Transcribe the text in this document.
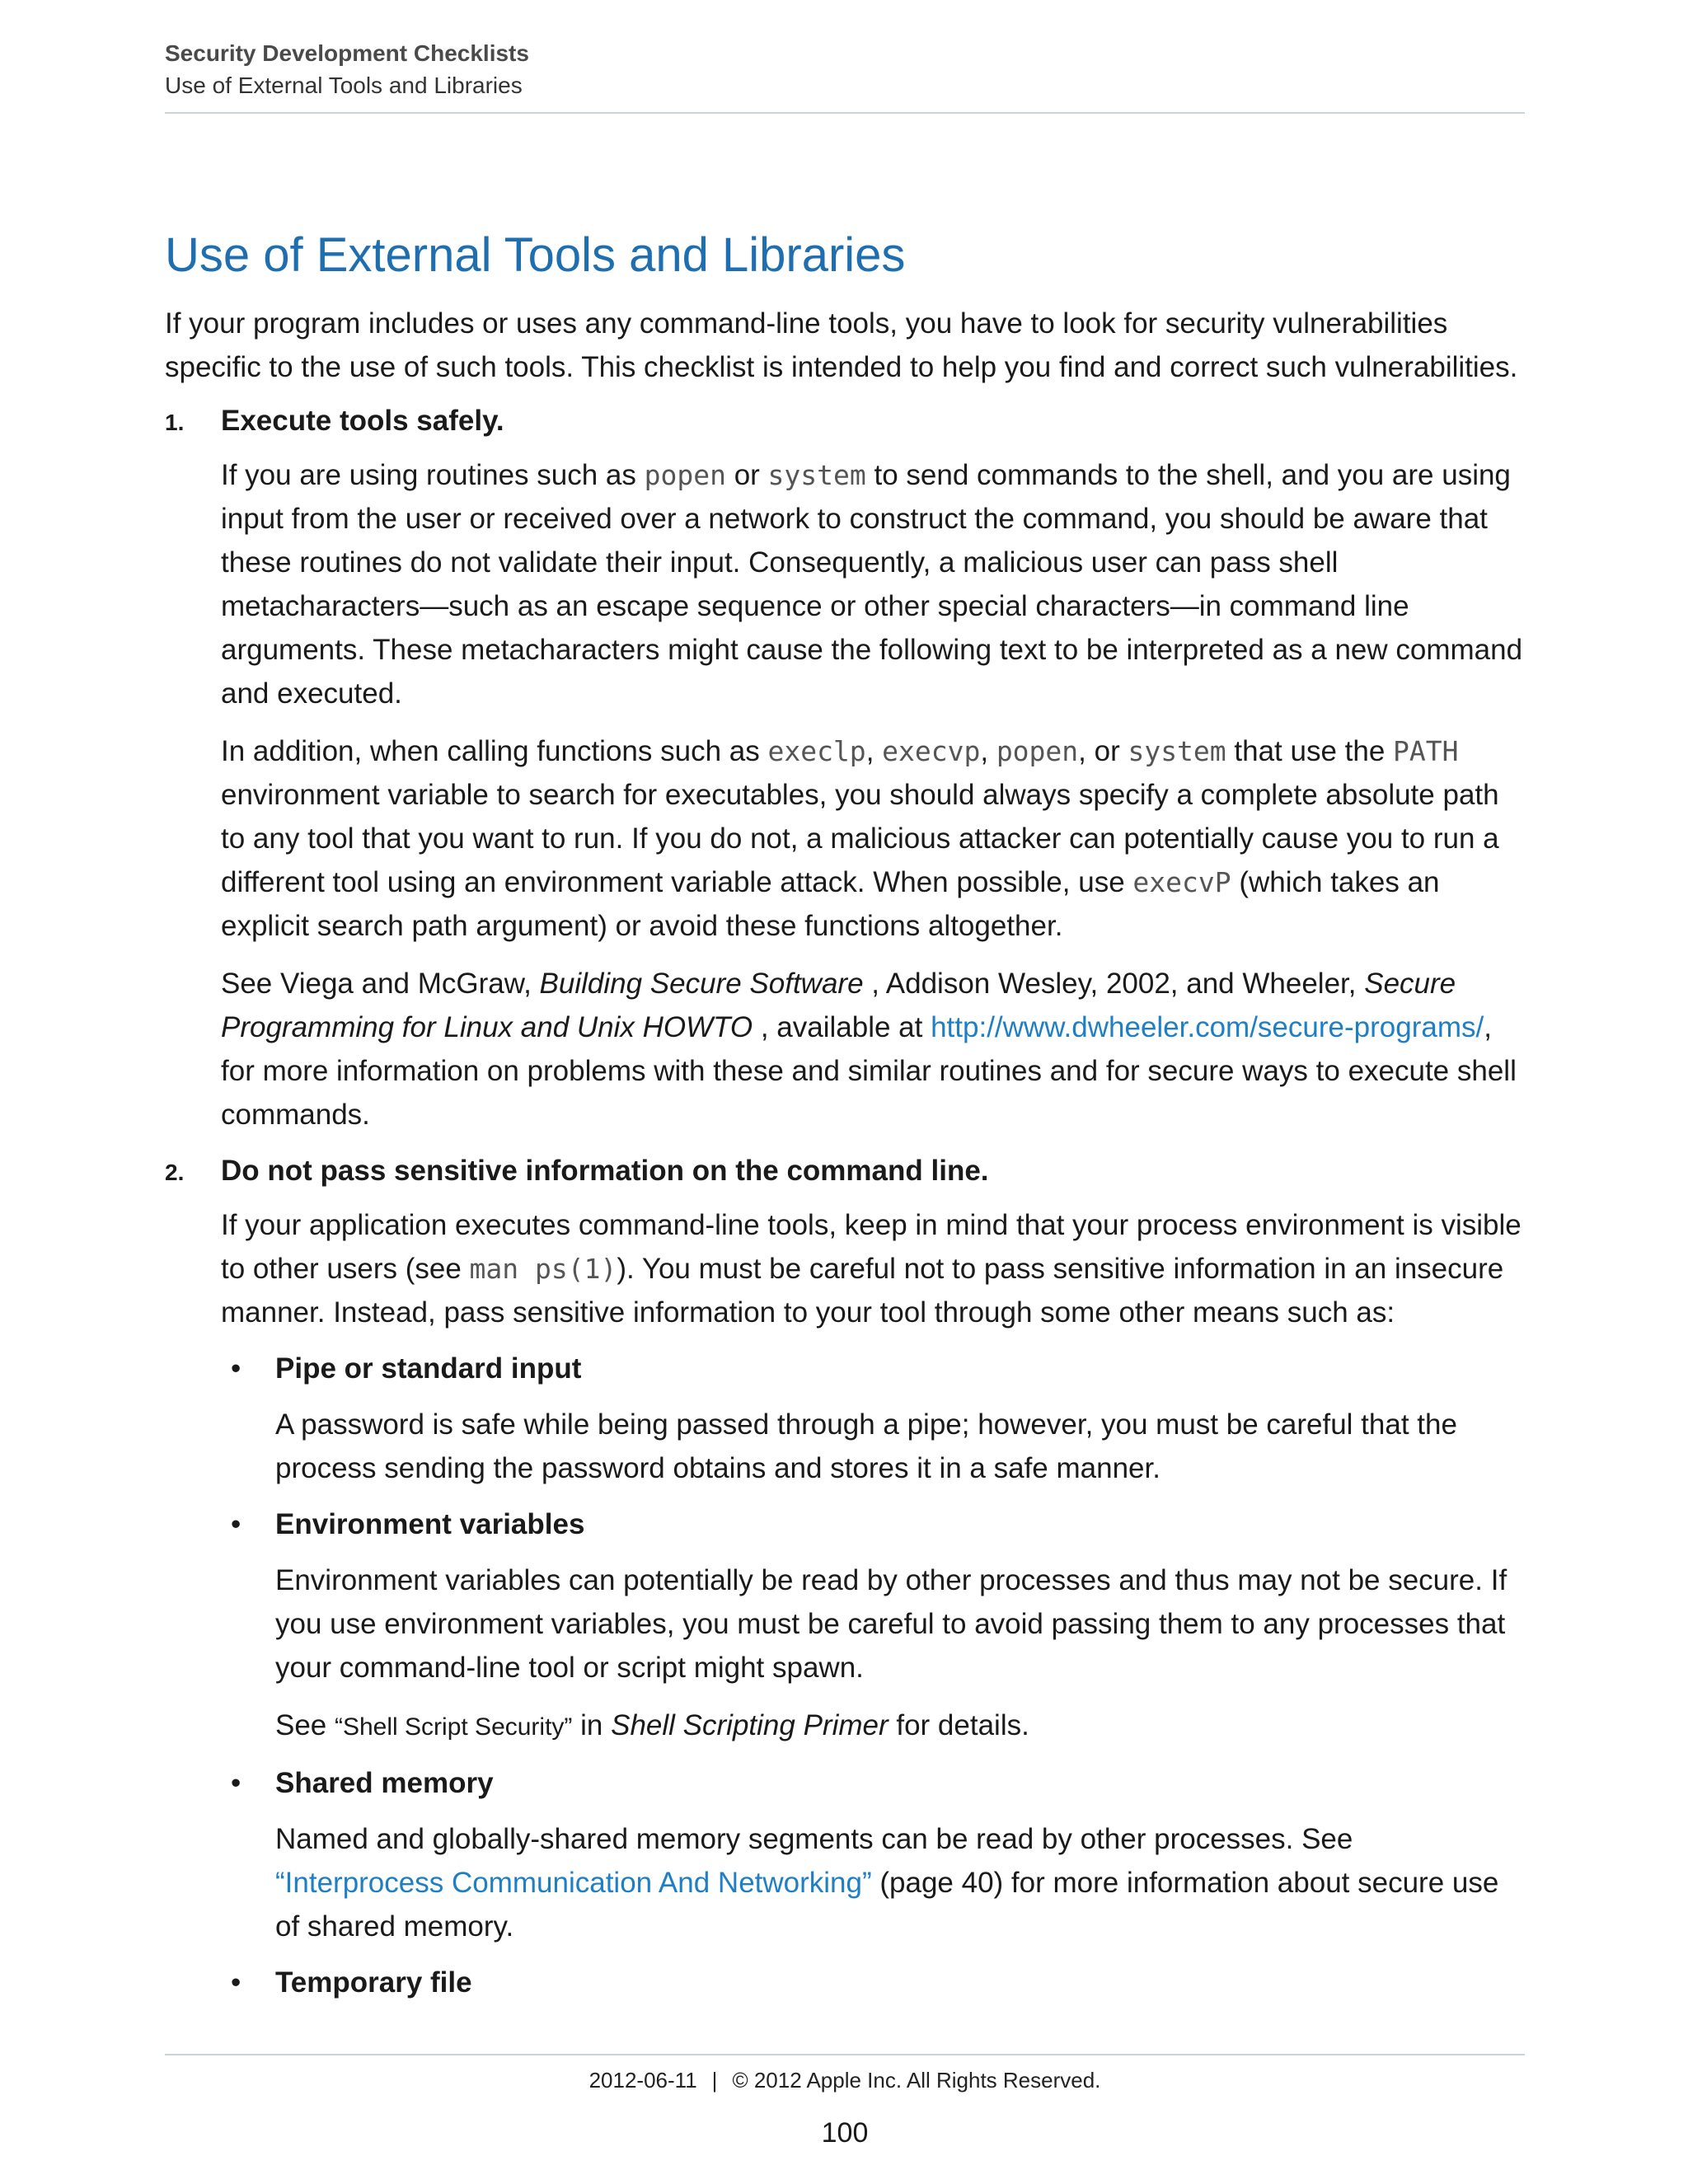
Security Development Checklists
Use of External Tools and Libraries
Use of External Tools and Libraries

If your program includes or uses any command-line tools, you have to look for security vulnerabilities specific to the use of such tools. This checklist is intended to help you find and correct such vulnerabilities.

1. Execute tools safely.

If you are using routines such as popen or system to send commands to the shell, and you are using input from the user or received over a network to construct the command, you should be aware that these routines do not validate their input. Consequently, a malicious user can pass shell metacharacters—such as an escape sequence or other special characters—in command line arguments. These metacharacters might cause the following text to be interpreted as a new command and executed.

In addition, when calling functions such as execlp, execvp, popen, or system that use the PATH environment variable to search for executables, you should always specify a complete absolute path to any tool that you want to run. If you do not, a malicious attacker can potentially cause you to run a different tool using an environment variable attack. When possible, use execvP (which takes an explicit search path argument) or avoid these functions altogether.

See Viega and McGraw, Building Secure Software , Addison Wesley, 2002, and Wheeler, Secure Programming for Linux and Unix HOWTO , available at http://www.dwheeler.com/secure-programs/, for more information on problems with these and similar routines and for secure ways to execute shell commands.

2. Do not pass sensitive information on the command line.

If your application executes command-line tools, keep in mind that your process environment is visible to other users (see man ps(1)). You must be careful not to pass sensitive information in an insecure manner. Instead, pass sensitive information to your tool through some other means such as:

• Pipe or standard input

A password is safe while being passed through a pipe; however, you must be careful that the process sending the password obtains and stores it in a safe manner.

• Environment variables

Environment variables can potentially be read by other processes and thus may not be secure. If you use environment variables, you must be careful to avoid passing them to any processes that your command-line tool or script might spawn.

See “Shell Script Security” in Shell Scripting Primer for details.

• Shared memory

Named and globally-shared memory segments can be read by other processes. See “Interprocess Communication And Networking” (page 40) for more information about secure use of shared memory.

• Temporary file
2012-06-11 | © 2012 Apple Inc. All Rights Reserved.
100
